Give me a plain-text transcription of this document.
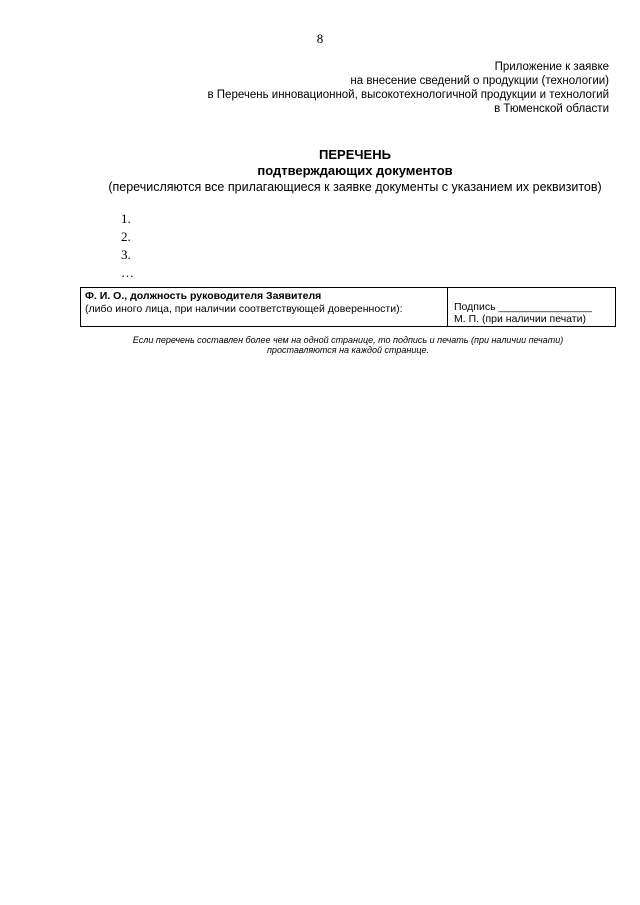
8
Приложение к заявке
на внесение сведений о продукции (технологии)
в Перечень инновационной, высокотехнологичной продукции и технологий
в Тюменской области
ПЕРЕЧЕНЬ
подтверждающих документов
(перечисляются все прилагающиеся к заявке документы с указанием их реквизитов)
1.
2.
3.
…
Ф. И. О., должность руководителя Заявителя
(либо иного лица, при наличии соответствующей доверенности):	Подпись ________________
М. П. (при наличии печати)
Если перечень составлен более чем на одной странице, то подпись и печать (при наличии печати)
проставляются на каждой странице.
